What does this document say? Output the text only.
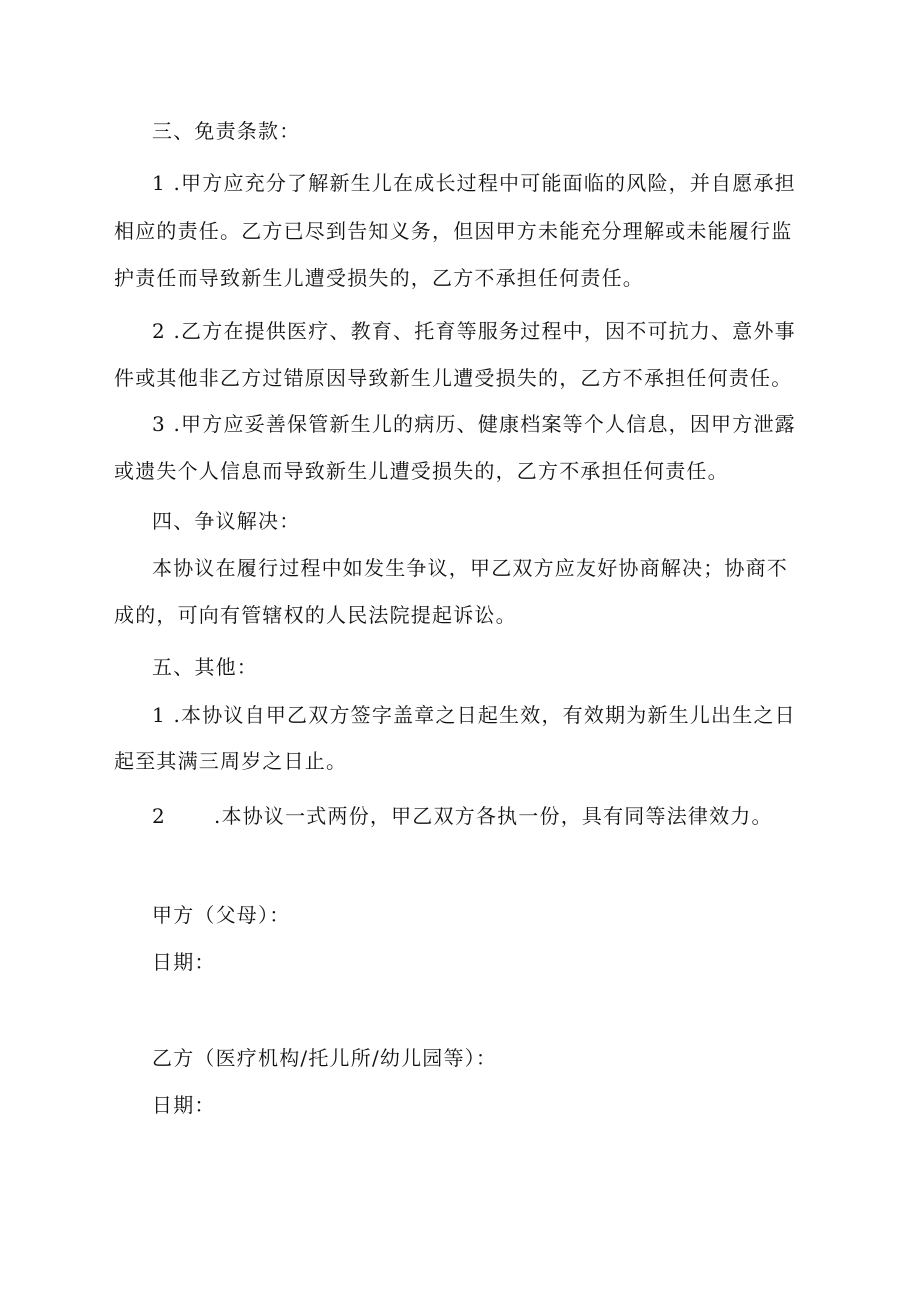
三、免责条款：
1 .甲方应充分了解新生儿在成长过程中可能面临的风险，并自愿承担
相应的责任。乙方已尽到告知义务，但因甲方未能充分理解或未能履行监
护责任而导致新生儿遭受损失的，乙方不承担任何责任。
2 .乙方在提供医疗、教育、托育等服务过程中，因不可抗力、意外事
件或其他非乙方过错原因导致新生儿遭受损失的，乙方不承担任何责任。
3 .甲方应妥善保管新生儿的病历、健康档案等个人信息，因甲方泄露
或遗失个人信息而导致新生儿遭受损失的，乙方不承担任何责任。
四、争议解决：
本协议在履行过程中如发生争议，甲乙双方应友好协商解决；协商不
成的，可向有管辖权的人民法院提起诉讼。
五、其他：
1 .本协议自甲乙双方签字盖章之日起生效，有效期为新生儿出生之日
起至其满三周岁之日止。
2 .本协议一式两份，甲乙双方各执一份，具有同等法律效力。
甲方（父母）：
日期：
乙方（医疗机构/托儿所/幼儿园等）：
日期：
